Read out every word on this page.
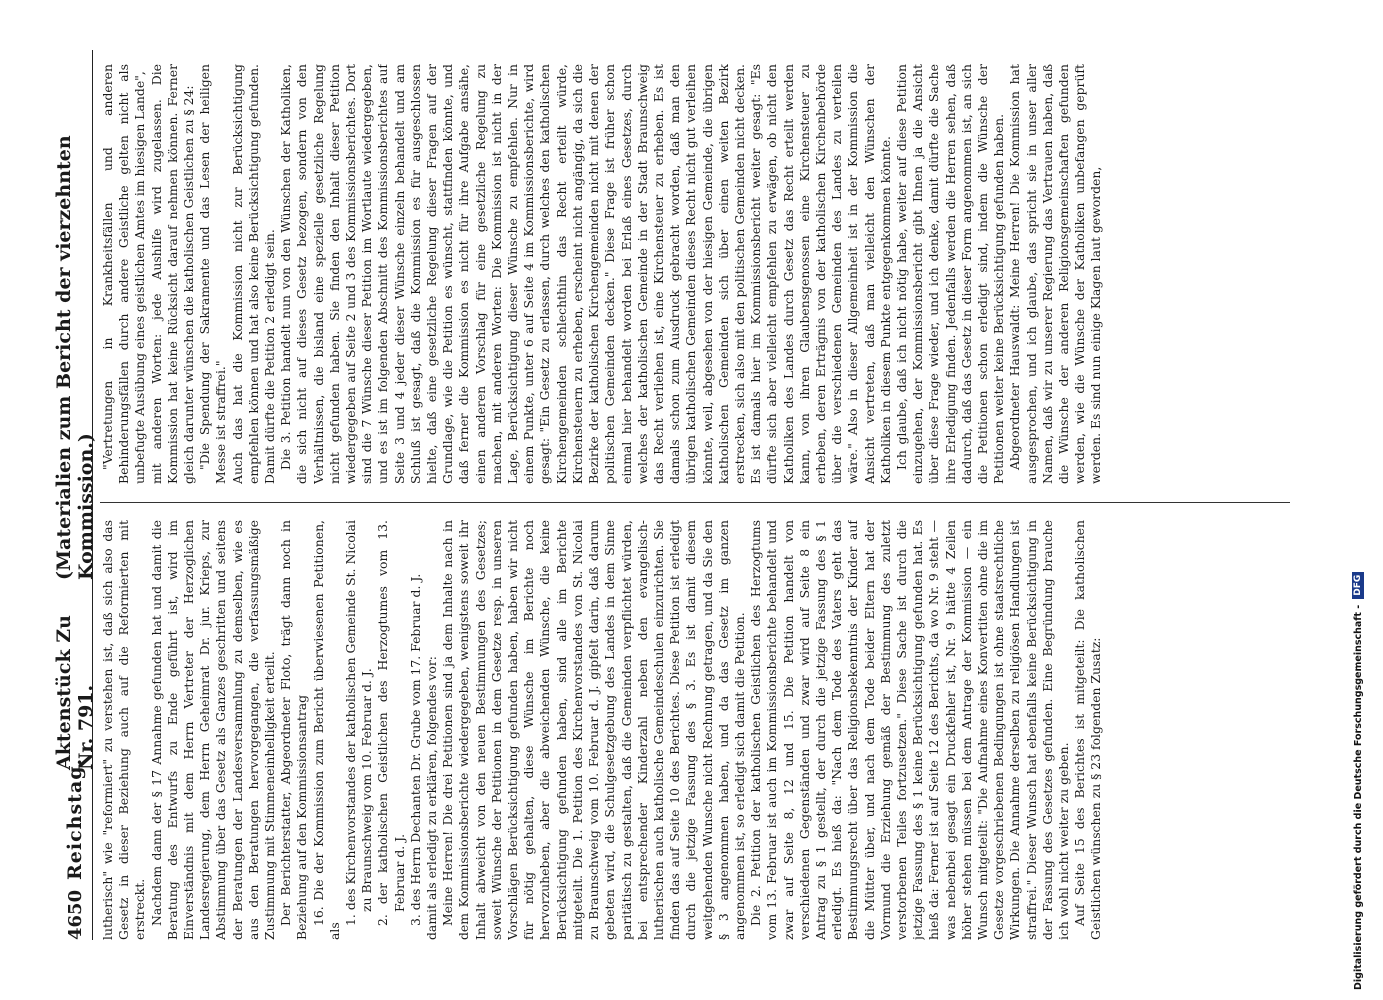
4650
Reichstag.
Aktenstück Zu Nr. 791.
(Materialien zum Bericht der vierzehnten Kommission.)

lutherisch" wie "reformiert" zu verstehen ist, daß sich also das Gesetz in dieser Beziehung auch auf die Reformierten mit erstreckt. Nachdem dann der § 17 Annahme gefunden hat und damit die Beratung des Entwurfs zu Ende geführt ist, wird im Einverständnis mit dem Herrn Vertreter der Herzoglichen Landesregierung, dem Herrn Geheimrat Dr. jur. Krieps, zur Abstimmung über das Gesetz als Ganzes geschritten und seitens der Beratungen der Landesversammlung zu demselben, wie es aus den Beratungen hervorgegangen, die verfassungsmäßige Zustimmung mit Stimmeneinhelligkeit erteilt. Der Berichterstatter, Abgeordneter Floto, trägt dann noch in Beziehung auf den Kommissionsantrag 16. Die der Kommission zum Bericht überwiesenen Petitionen, als

1. des Kirchenvorstandes der katholischen Gemeinde St. Nicolai zu Braunschweig vom 10. Februar d. J. 2. der katholischen Geistlichen des Herzogtumes vom 13. Februar d. J. 3. des Herrn Dechanten Dr. Grube vom 17. Februar d. J. damit als erledigt zu erklären, folgendes vor: Meine Herren! Die drei Petitionen sind ja dem Inhalte nach in dem Kommissionsberichte wiedergegeben, wenigstens soweit ihr Inhalt abweicht von den neuen Bestimmungen des Gesetzes; soweit Wünsche der Petitionen in dem Gesetze resp. in unseren Vorschlägen Berücksichtigung gefunden haben, haben wir nicht für nötig gehalten, diese Wünsche im Berichte noch hervorzuheben, aber die abweichenden Wünsche, die keine Berücksichtigung gefunden haben, sind alle im Berichte mitgeteilt. Die 1. Petition des Kirchenvorstandes von St. Nicolai zu Braunschweig vom 10. Februar d. J. gipfelt darin, daß darum gebeten wird, die Schulgesetzgebung des Landes in dem Sinne paritätisch zu gestalten, daß die Gemeinden verpflichtet würden, bei entsprechender Kinderzahl neben den evangelisch-lutherischen auch katholische Gemeindeschulen einzurichten. Sie finden das auf Seite 10 des Berichtes. Diese Petition ist erledigt durch die jetzige Fassung des § 3. Es ist damit diesem weitgehenden Wunsche nicht Rechnung getragen, und da Sie den § 3 angenommen haben, und da das Gesetz im ganzen angenommen ist, so erledigt sich damit die Petition. Die 2. Petition der katholischen Geistlichen des Herzogtums vom 13. Februar ist auch im Kommissionsberichte behandelt und zwar auf Seite 8, 12 und 15. Die Petition handelt von verschiedenen Gegenständen und zwar wird auf Seite 8 ein Antrag zu § 1 gestellt, der durch die jetzige Fassung des § 1 erledigt. Es hieß da: "Nach dem Tode des Vaters geht das Bestimmungsrecht über das Religionsbekenntnis der Kinder auf die Mütter über, und nach dem Tode beider Eltern hat der Vormund die Erziehung gemäß der Bestimmung des zuletzt verstorbenen Teiles fortzusetzen." Diese Sache ist durch die jetzige Fassung des § 1 keine Berücksichtigung gefunden hat. Es hieß da: Ferner ist auf Seite 12 des Berichts, da wo Nr. 9 steht — was nebenbei gesagt ein Druckfehler ist, Nr. 9 hätte 4 Zeilen höher stehen müssen bei dem Antrage der Kommission — ein Wunsch mitgeteilt: "Die Aufnahme eines Konvertiten ohne die im Gesetze vorgeschriebenen Bedingungen ist ohne staatsrechtliche Wirkungen. Die Annahme derselben zu religiösen Handlungen ist straffrei." Dieser Wunsch hat ebenfalls keine Berücksichtigung in der Fassung des Gesetzes gefunden. Eine Begründung brauche ich wohl nicht weiter zu geben. Auf Seite 15 des Berichtes ist mitgeteilt: Die katholischen Geistlichen wünschen zu § 23 folgenden Zusatz:

"Vertretungen in Krankheitsfällen und anderen Behinderungsfällen durch andere Geistliche gelten nicht als unbefugte Ausübung eines geistlichen Amtes im hiesigen Lande", mit anderen Worten: jede Aushilfe wird zugelassen. Die Kommission hat keine Rücksicht darauf nehmen können. Ferner gleich darunter wünschen die katholischen Geistlichen zu § 24: "Die Spendung der Sakramente und das Lesen der heiligen Messe ist straffrei." Auch das hat die Kommission nicht zur Berücksichtigung empfehlen können und hat also keine Berücksichtigung gefunden. Damit dürfte die Petition 2 erledigt sein. Die 3. Petition handelt nun von den Wünschen der Katholiken, die sich nicht auf dieses Gesetz bezogen, sondern von den Verhältnissen, die bisland eine spezielle gesetzliche Regelung nicht gefunden haben. Sie finden den Inhalt dieser Petition wiedergegeben auf Seite 2 und 3 des Kommissionsberichtes. Dort sind die 7 Wünsche dieser Petition im Wortlaute wiedergegeben, und es ist im folgenden Abschnitt des Kommissionsberichtes auf Seite 3 und 4 jeder dieser Wünsche einzeln behandelt und am Schluß ist gesagt, daß die Kommission es für ausgeschlossen hielte, daß eine gesetzliche Regelung dieser Fragen auf der Grundlage, wie die Petition es wünscht, stattfinden könnte, und daß ferner die Kommission es nicht für ihre Aufgabe ansähe, einen anderen Vorschlag für eine gesetzliche Regelung zu machen, mit anderen Worten: Die Kommission ist nicht in der Lage, Berücksichtigung dieser Wünsche zu empfehlen. Nur in einem Punkte, unter 6 auf Seite 4 im Kommissionsberichte, wird gesagt: "Ein Gesetz zu erlassen, durch welches den katholischen Kirchengemeinden schlechthin das Recht erteilt würde, Kirchensteuern zu erheben, erscheint nicht angängig, da sich die Bezirke der katholischen Kirchengemeinden nicht mit denen der politischen Gemeinden decken." Diese Frage ist früher schon einmal hier behandelt worden bei Erlaß eines Gesetzes, durch welches der katholischen Gemeinde in der Stadt Braunschweig das Recht verliehen ist, eine Kirchensteuer zu erheben. Es ist damals schon zum Ausdruck gebracht worden, daß man den übrigen katholischen Gemeinden dieses Recht nicht gut verleihen könnte, weil, abgesehen von der hiesigen Gemeinde, die übrigen katholischen Gemeinden sich über einen weiten Bezirk erstrecken, sich also mit den politischen Gemeinden nicht decken. Es ist damals hier im Kommissionsbericht weiter gesagt: "Es dürfte sich aber vielleicht empfehlen zu erwägen, ob nicht den Katholiken des Landes durch Gesetz das Recht erteilt werden kann, von ihren Glaubensgenossen eine Kirchensteuer zu erheben, deren Erträgnis von der katholischen Kirchenbehörde über die verschiedenen Gemeinden des Landes zu verteilen wäre." Also in dieser Allgemeinheit ist in der Kommission die Ansicht vertreten, daß man vielleicht den Wünschen der Katholiken in diesem Punkte entgegenkommen könnte. Ich glaube, daß ich nicht nötig habe, weiter auf diese Petition einzugehen, der Kommissionsbericht gibt Ihnen ja die Ansicht über diese Frage wieder, und ich denke, damit dürfte die Sache ihre Erledigung finden. Jedenfalls werden die Herren sehen, daß dadurch, daß das Gesetz in dieser Form angenommen ist, an sich die Petitionen schon erledigt sind, indem die Wünsche der Petitionen weiter keine Berücksichtigung gefunden haben. Abgeordneter Hauswaldt: Meine Herren! Die Kommission hat ausgesprochen, und ich glaube, das spricht sie in unser aller Namen, daß wir zu unserer Regierung das Vertrauen haben, daß die Wünsche der anderen Religionsgemeinschaften gefunden werden, wie die Wünsche der Katholiken unbefangen geprüft werden. Es sind nun einige Klagen laut geworden,

Digitalisierung gefördert durch die Deutsche Forschungsgemeinschaft -
DFG
